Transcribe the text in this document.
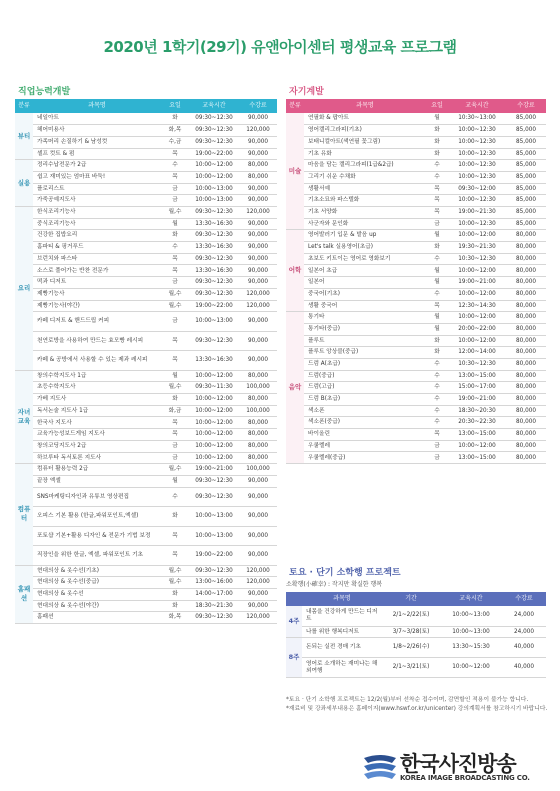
2020년 1학기(29기) 유앤아이센터 평생교육 프로그램
직업능력개발	자기계발
분류	과목명	요일	교육시간	수강료
뷰티	네일아트	화	09:30~12:30	90,000
	헤어미용사	화,목	09:30~12:30	120,000
	가족머리 손질하기 & 남성컷	수,금	09:30~12:30	90,000
	셀프 컷트 & 펌	목	19:00~22:00	90,000
실용	정리수납전문가 2급	수	10:00~12:00	80,000
	쉽고 재미있는 엄마표 바둑!	목	10:00~12:00	80,000
	플로리스트	금	10:00~13:00	90,000
	가죽공예지도사	금	10:00~13:00	90,000
요리	한식조리기능사	월,수	09:30~12:30	120,000
	중식조리기능사	월	13:30~16:30	90,000
	건강한 집밥요리	화	09:30~12:30	90,000
	홈파티 & 핑거푸드	수	13:30~16:30	90,000
	브런치와 파스타	목	09:30~12:30	90,000
	소스로 풀어가는 반찬 전문가	목	13:30~16:30	90,000
	떡과 디저트	금	09:30~12:30	90,000
	제빵기능사	월,수	09:30~12:30	120,000
	제빵기능사(야간)	월,수	19:00~22:00	120,000
	카페 디저트 & 핸드드립 커피	금	10:00~13:00	90,000
	천연로방을 사용하여 만드는 효모빵 레시피	목	09:30~12:30	90,000
	카페 & 공방에서 사용할 수 있는 제과 레시피	목	13:30~16:30	90,000
자녀교육	창의수학지도사 1급	월	10:00~12:00	80,000
	초등수학지도사	월,수	09:30~11:30	100,000
	가베 지도사	화	10:00~12:00	80,000
	독서논술 지도사 1급	화,금	10:00~12:00	100,000
	한국사 지도사	목	10:00~12:00	80,000
	교육가능성보드게임 지도사	목	10:00~12:00	80,000
	창의코딩지도사 2급	금	10:00~12:00	80,000
	하브루타 독서토론 지도사	금	10:00~12:00	80,000
컴퓨터	컴퓨터 활용능력 2급	월,수	19:00~21:00	100,000
	끝장 엑셀	월	09:30~12:30	90,000
	SNS마케팅디자인과 유튜브 영상편집	수	09:30~12:30	90,000
	오피스 기본 활용 (한글,파워포인트,엑셀)	화	10:00~13:00	90,000
	포토샵 기본+활용 디자인 & 전문가 기법 보정	목	10:00~13:00	90,000
	직장인을 위한 한글, 엑셀, 파워포인트 기초	목	19:00~22:00	90,000
홈패션	현대의상 & 옷수선(기초)	월,수	09:30~12:30	120,000
	현대의상 & 옷수선(중급)	월,수	13:00~16:00	120,000
	현대의상 & 옷수선	화	14:00~17:00	90,000
	현대의상 & 옷수선(야간)	화	18:30~21:30	90,000
	홈패션	화,목	09:30~12:30	120,000
분류	과목명	요일	교육시간	수강료
미술	연필화 & 팝아트	월	10:30~13:00	85,000
	영어캘리그라피(기초)	화	10:00~12:30	85,000
	보태니컬아트(색연필 꽃그림)	화	10:00~12:30	85,000
	기초 유화	화	10:00~12:30	85,000
	마음을 담는 캘리그라피(1급&2급)	수	10:00~12:30	85,000
	그리기 쉬운 수채화	수	10:00~12:30	85,000
	생활서예	목	09:30~12:00	85,000
	기초소묘와 파스텔화	목	10:00~12:30	85,000
	기초 서양화	목	19:00~21:30	85,000
	사군자와 문인화	금	10:00~12:30	85,000
어학	영어발러기 입문 & 발음 up	월	10:00~12:00	80,000
	Let's talk 실용영어(초급)	화	19:30~21:30	80,000
	초보도 키트이는 영어로 영화보기	수	10:30~12:30	80,000
	일본어 초급	월	10:00~12:00	80,000
	일본어	월	19:00~21:00	80,000
	중국어(기초)	수	10:00~12:00	80,000
	생활 중국어	목	12:30~14:30	80,000
음악	통기타	월	10:00~12:00	80,000
	통기타(중급)	월	20:00~22:00	80,000
	플루트	화	10:00~12:00	80,000
	플루트 앙상블(중급)	화	12:00~14:00	80,000
	드럼 A(초급)	수	10:30~12:30	80,000
	드럼(중급)	수	13:00~15:00	80,000
	드럼(고급)	수	15:00~17:00	80,000
	드럼 B(초급)	수	19:00~21:00	80,000
	색소폰	수	18:30~20:30	80,000
	색소폰(중급)	수	20:30~22:30	80,000
	바이올린	목	13:00~15:00	80,000
	우쿨렐레	금	10:00~12:00	80,000
	우쿨렐레(중급)	금	13:00~15:00	80,000
토요 · 단기 소학행 프로젝트
소확행(小確幸) : 작지만 확실한 행복
	과목명	기간	교육시간	수강료
4주	내몸을 건강하게 만드는 디저트	2/1~2/22(토)	10:00~13:00	24,000
	나를 위한 행복디저트	3/7~3/28(토)	10:00~13:00	24,000
8주	돈되는 실전 경매 기초	1/8~2/26(수)	13:30~15:30	40,000
	영어로 소개하는 재미나는 해외여행	2/1~3/21(토)	10:00~12:00	40,000

*토요 · 단기 소학행 프로젝트는 12/2(월)부터 선착순 접수이며, 감면할인 적용이 불가능 합니다.

*재료비 및 강좌세부내용은 홈페이지(www.hswf.or.kr/unicenter) 강의계획서를 참고하시기 바랍니다.

한국사진방송
KOREA IMAGE BROADCASTING CO.
